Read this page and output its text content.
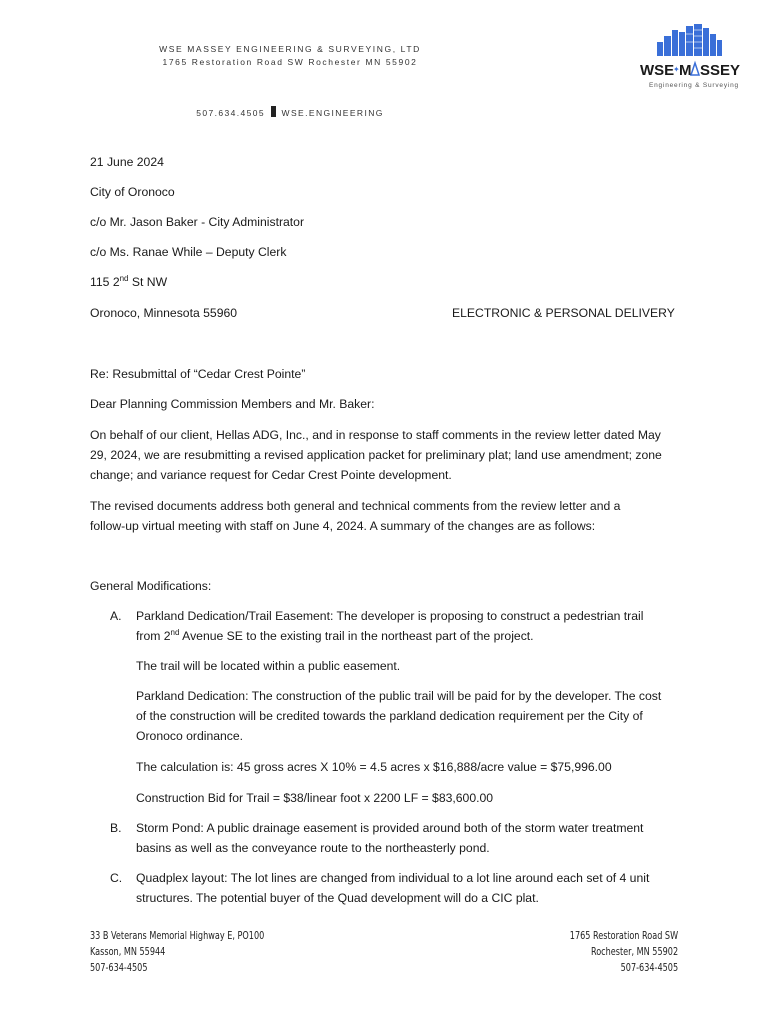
WSE MASSEY ENGINEERING & SURVEYING, LTD
1765 Restoration Road SW Rochester MN 55902
507.634.4505 WSE.ENGINEERING
WSE M SSEY
✦
Engineering & Surveying
21 June 2024
City of Oronoco
c/o Mr. Jason Baker - City Administrator
c/o Ms. Ranae While – Deputy Clerk
115 2nd St NW
Oronoco, Minnesota 55960	ELECTRONIC & PERSONAL DELIVERY
Re: Resubmittal of “Cedar Crest Pointe”
Dear Planning Commission Members and Mr. Baker:
On behalf of our client, Hellas ADG, Inc., and in response to staff comments in the review letter dated May 29, 2024, we are resubmitting a revised application packet for preliminary plat; land use amendment; zone change; and variance request for Cedar Crest Pointe development.
The revised documents address both general and technical comments from the review letter and a follow-up virtual meeting with staff on June 4, 2024. A summary of the changes are as follows:
General Modifications:
A.	Parkland Dedication/Trail Easement: The developer is proposing to construct a pedestrian trail
from 2nd Avenue SE to the existing trail in the northeast part of the project.
The trail will be located within a public easement.
Parkland Dedication: The construction of the public trail will be paid for by the developer. The cost of the construction will be credited towards the parkland dedication requirement per the City of Oronoco ordinance.
The calculation is: 45 gross acres X 10% = 4.5 acres x $16,888/acre value = $75,996.00
Construction Bid for Trail = $38/linear foot x 2200 LF = $83,600.00
B.	Storm Pond: A public drainage easement is provided around both of the storm water treatment basins as well as the conveyance route to the northeasterly pond.
C.	Quadplex layout: The lot lines are changed from individual to a lot line around each set of 4 unit structures. The potential buyer of the Quad development will do a CIC plat.
33 B Veterans Memorial Highway E, PO100
Kasson, MN 55944
507-634-4505
1765 Restoration Road SW
Rochester, MN 55902
507-634-4505
